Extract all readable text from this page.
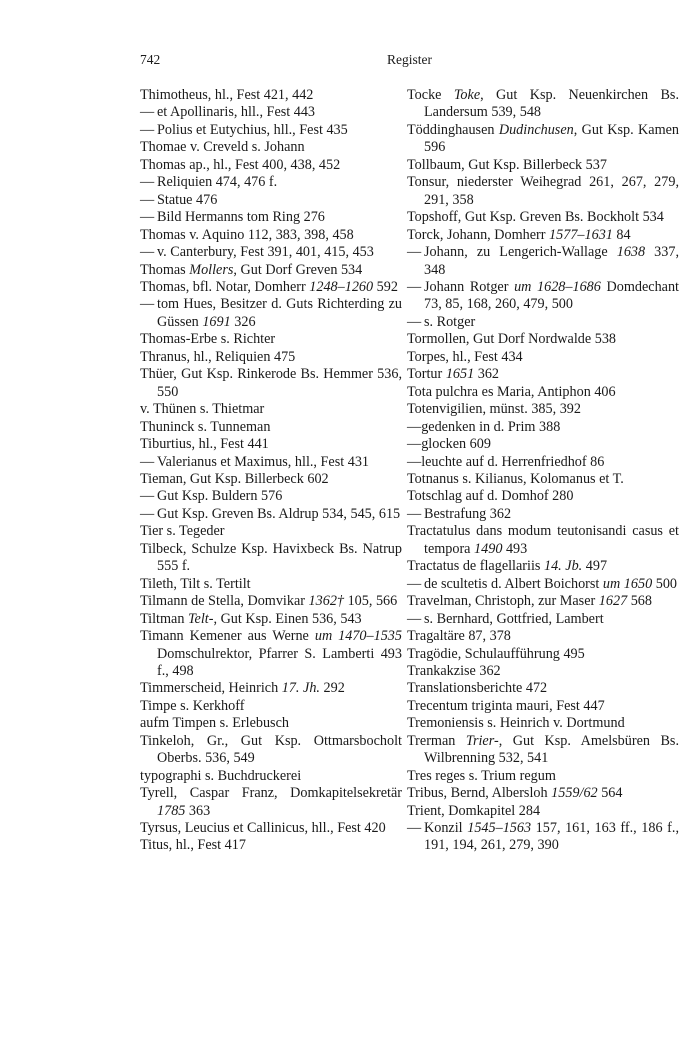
742	Register
Thimotheus, hl., Fest 421, 442
— et Apollinaris, hll., Fest 443
— Polius et Eutychius, hll., Fest 435
Thomae v. Creveld s. Johann
Thomas ap., hl., Fest 400, 438, 452
— Reliquien 474, 476 f.
— Statue 476
— Bild Hermanns tom Ring 276
Thomas v. Aquino 112, 383, 398, 458
— v. Canterbury, Fest 391, 401, 415, 453
Thomas Mollers, Gut Dorf Greven 534
Thomas, bfl. Notar, Domherr 1248–1260 592
— tom Hues, Besitzer d. Guts Richterding zu Güssen 1691 326
Thomas-Erbe s. Richter
Thranus, hl., Reliquien 475
Thüer, Gut Ksp. Rinkerode Bs. Hemmer 536, 550
v. Thünen s. Thietmar
Thuninck s. Tunneman
Tiburtius, hl., Fest 441
— Valerianus et Maximus, hll., Fest 431
Tieman, Gut Ksp. Billerbeck 602
— Gut Ksp. Buldern 576
— Gut Ksp. Greven Bs. Aldrup 534, 545, 615
Tier s. Tegeder
Tilbeck, Schulze Ksp. Havixbeck Bs. Natrup 555 f.
Tileth, Tilt s. Tertilt
Tilmann de Stella, Domvikar 1362† 105, 566
Tiltman Telt-, Gut Ksp. Einen 536, 543
Timann Kemener aus Werne um 1470–1535 Domschulrektor, Pfarrer S. Lamberti 493 f., 498
Timmerscheid, Heinrich 17. Jh. 292
Timpe s. Kerkhoff
aufm Timpen s. Erlebusch
Tinkeloh, Gr., Gut Ksp. Ottmarsbocholt Oberbs. 536, 549
typographi s. Buchdruckerei
Tyrell, Caspar Franz, Domkapitelsekretär 1785 363
Tyrsus, Leucius et Callinicus, hll., Fest 420
Titus, hl., Fest 417
Tocke Toke, Gut Ksp. Neuenkirchen Bs. Landersum 539, 548
Töddinghausen Dudinchusen, Gut Ksp. Kamen 596
Tollbaum, Gut Ksp. Billerbeck 537
Tonsur, niederster Weihegrad 261, 267, 279, 291, 358
Topshoff, Gut Ksp. Greven Bs. Bockholt 534
Torck, Johann, Domherr 1577–1631 84
— Johann, zu Lengerich-Wallage 1638 337, 348
— Johann Rotger um 1628–1686 Domdechant 73, 85, 168, 260, 479, 500
— s. Rotger
Tormollen, Gut Dorf Nordwalde 538
Torpes, hl., Fest 434
Tortur 1651 362
Tota pulchra es Maria, Antiphon 406
Totenvigilien, münst. 385, 392
—gedenken in d. Prim 388
—glocken 609
—leuchte auf d. Herrenfriedhof 86
Totnanus s. Kilianus, Kolomanus et T.
Totschlag auf d. Domhof 280
— Bestrafung 362
Tractatulus dans modum teutonisandi casus et tempora 1490 493
Tractatus de flagellariis 14. Jb. 497
— de scultetis d. Albert Boichorst um 1650 500
Travelman, Christoph, zur Maser 1627 568
— s. Bernhard, Gottfried, Lambert
Tragaltäre 87, 378
Tragödie, Schulaufführung 495
Trankakzise 362
Translationsberichte 472
Trecentum triginta mauri, Fest 447
Tremoniensis s. Heinrich v. Dortmund
Trerman Trier-, Gut Ksp. Amelsbüren Bs. Wilbrenning 532, 541
Tres reges s. Trium regum
Tribus, Bernd, Albersloh 1559/62 564
Trient, Domkapitel 284
— Konzil 1545–1563 157, 161, 163 ff., 186 f., 191, 194, 261, 279, 390
